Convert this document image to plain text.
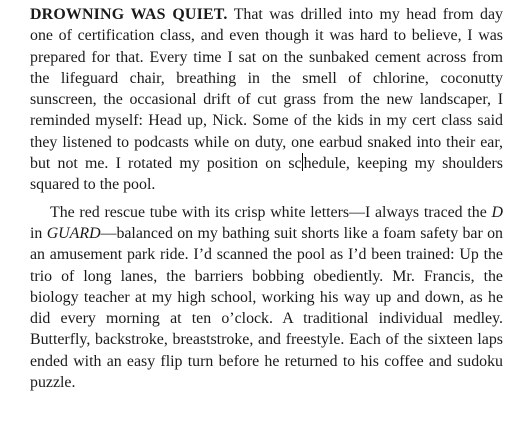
DROWNING WAS QUIET. That was drilled into my head from day one of certification class, and even though it was hard to believe, I was prepared for that. Every time I sat on the sunbaked cement across from the lifeguard chair, breathing in the smell of chlorine, coconutty sunscreen, the occasional drift of cut grass from the new landscaper, I reminded myself: Head up, Nick. Some of the kids in my cert class said they listened to podcasts while on duty, one earbud snaked into their ear, but not me. I rotated my position on sc hedule, keeping my shoulders squared to the pool.

The red rescue tube with its crisp white letters—I always traced the D in GUARD—balanced on my bathing suit shorts like a foam safety bar on an amusement park ride. I’d scanned the pool as I’d been trained: Up the trio of long lanes, the barriers bobbing obediently. Mr. Francis, the biology teacher at my high school, working his way up and down, as he did every morning at ten o’clock. A traditional individual medley. Butterfly, backstroke, breaststroke, and freestyle. Each of the sixteen laps ended with an easy flip turn before he returned to his coffee and sudoku puzzle.
